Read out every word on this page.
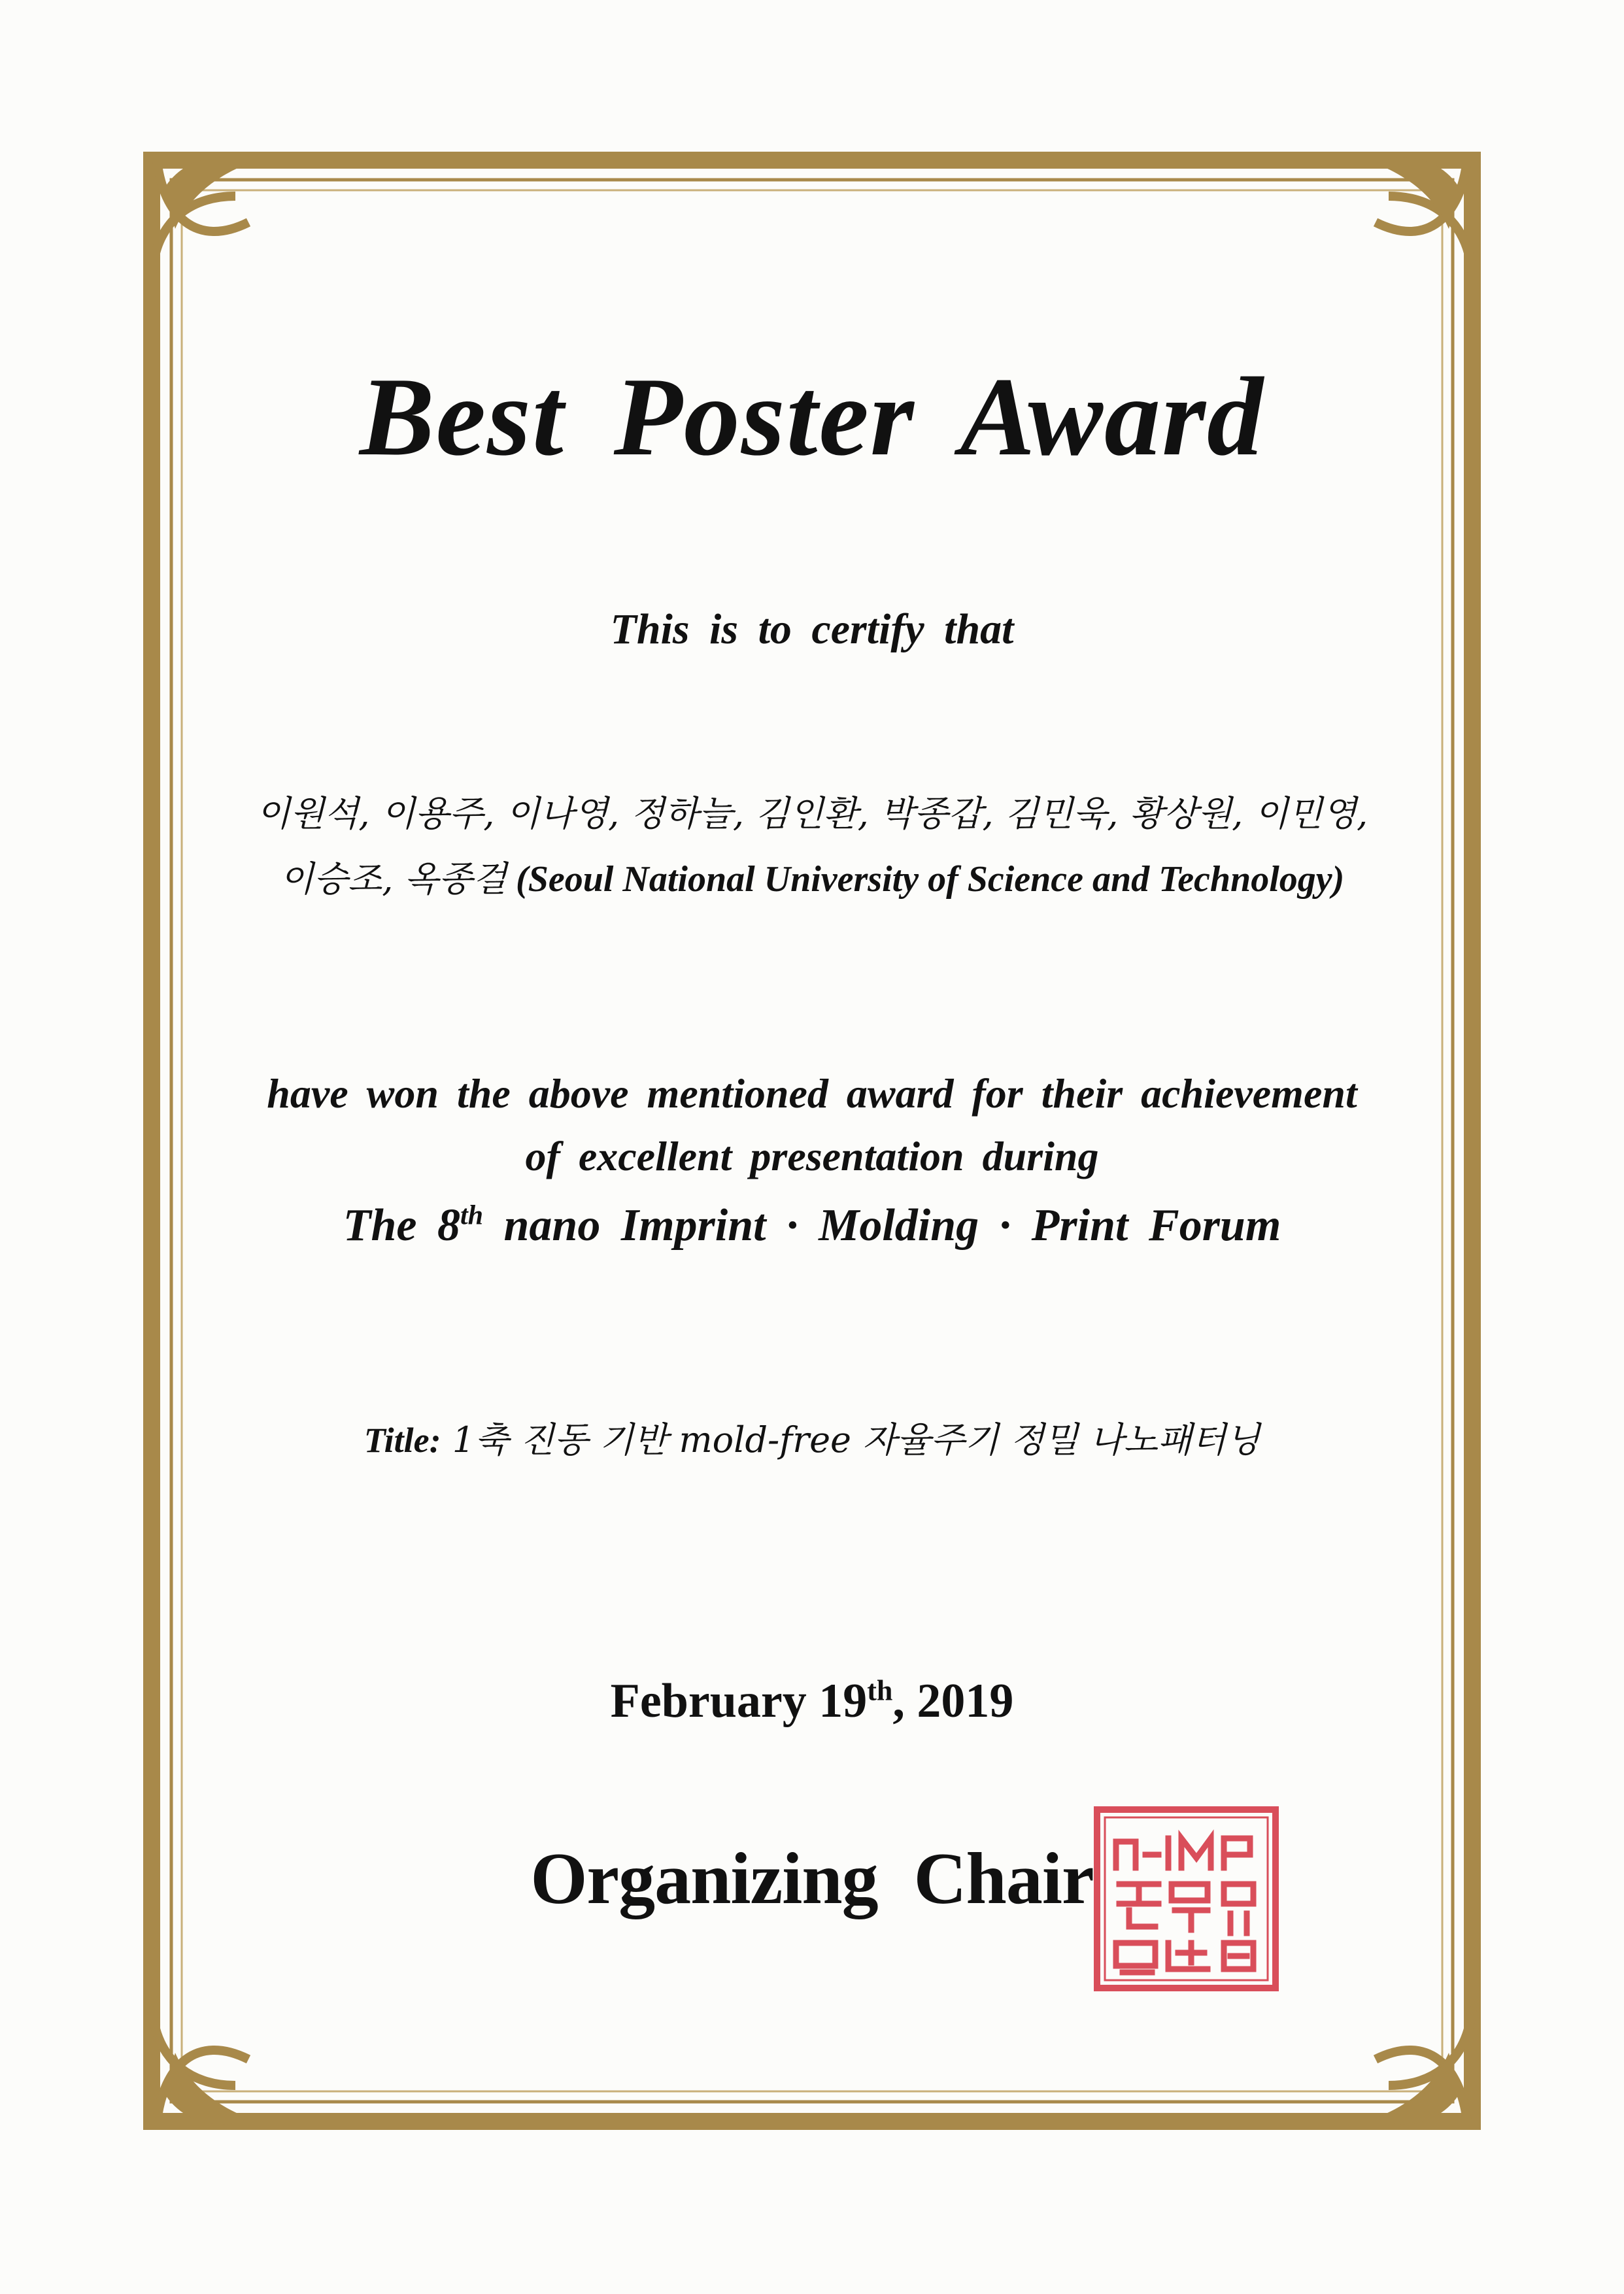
Best Poster Award
This is to certify that
이원석, 이용주, 이나영, 정하늘, 김인환, 박종갑, 김민욱, 황상원, 이민영,
이승조, 옥종걸 (Seoul National University of Science and Technology)
have won the above mentioned award for their achievement
of excellent presentation during
The 8th nano Imprint · Molding · Print Forum
Title: 1축 진동 기반 mold-free 자율주기 정밀 나노패터닝
February 19th, 2019
Organizing Chair
